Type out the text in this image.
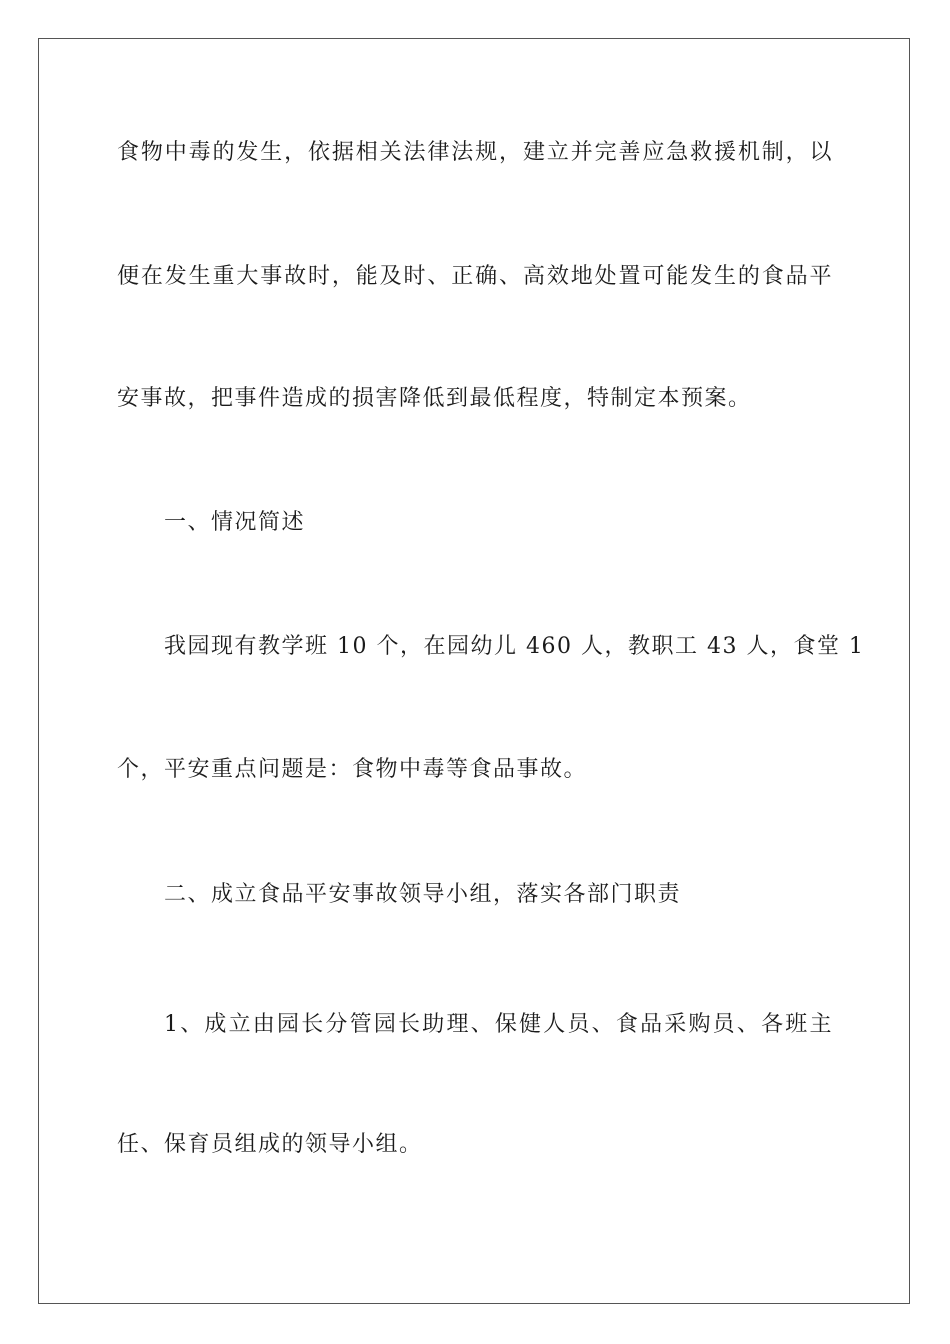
食物中毒的发生，依据相关法律法规，建立并完善应急救援机制，以
便在发生重大事故时，能及时、正确、高效地处置可能发生的食品平
安事故，把事件造成的损害降低到最低程度，特制定本预案。
一、情况简述
我园现有教学班 10 个，在园幼儿 460 人，教职工 43 人，食堂 1
个，平安重点问题是：食物中毒等食品事故。
二、成立食品平安事故领导小组，落实各部门职责
1、成立由园长分管园长助理、保健人员、食品采购员、各班主
任、保育员组成的领导小组。
